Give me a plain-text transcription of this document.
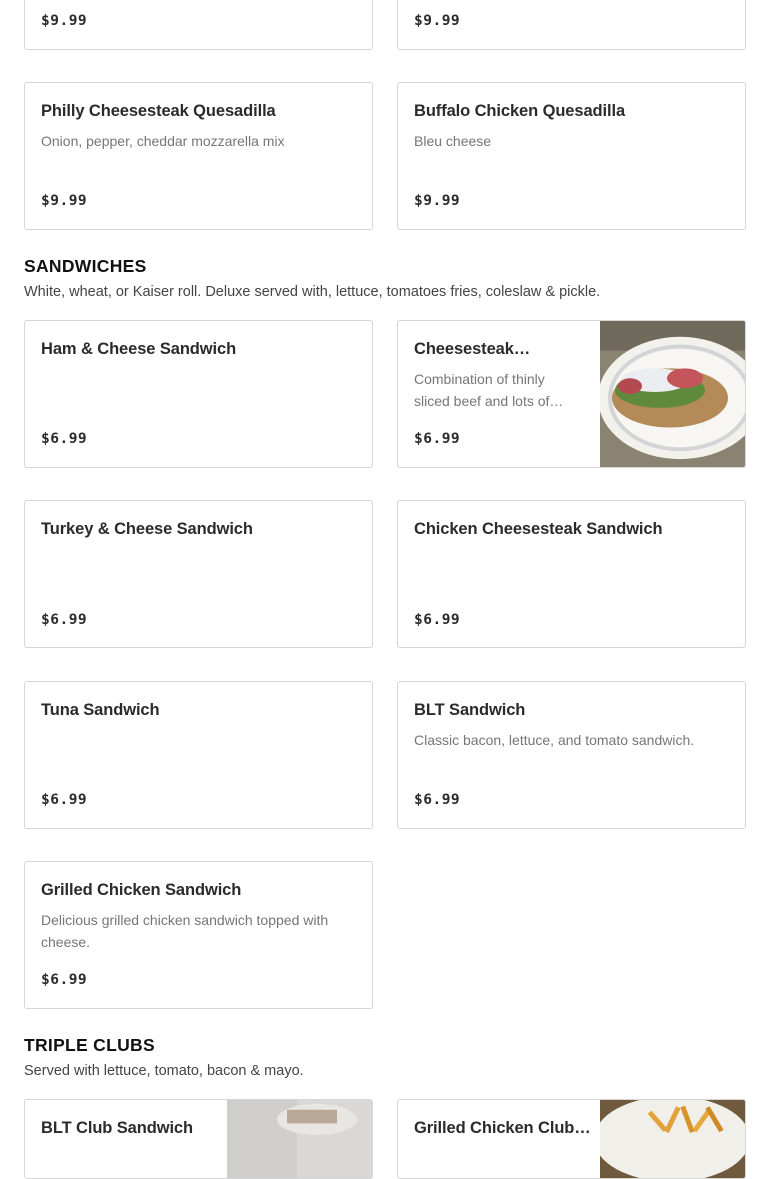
$9.99	$9.99
Philly Cheesesteak Quesadilla
Onion, pepper, cheddar mozzarella mix
$9.99
Buffalo Chicken Quesadilla
Bleu cheese
$9.99
SANDWICHES
White, wheat, or Kaiser roll. Deluxe served with, lettuce, tomatoes fries, coleslaw & pickle.
Ham & Cheese Sandwich
$6.99
Cheesesteak…
Combination of thinly sliced beef and lots of…
$6.99
Turkey & Cheese Sandwich
$6.99
Chicken Cheesesteak Sandwich
$6.99
Tuna Sandwich
$6.99
BLT Sandwich
Classic bacon, lettuce, and tomato sandwich.
$6.99
Grilled Chicken Sandwich
Delicious grilled chicken sandwich topped with cheese.
$6.99
TRIPLE CLUBS
Served with lettuce, tomato, bacon & mayo.
BLT Club Sandwich	Grilled Chicken Club…
